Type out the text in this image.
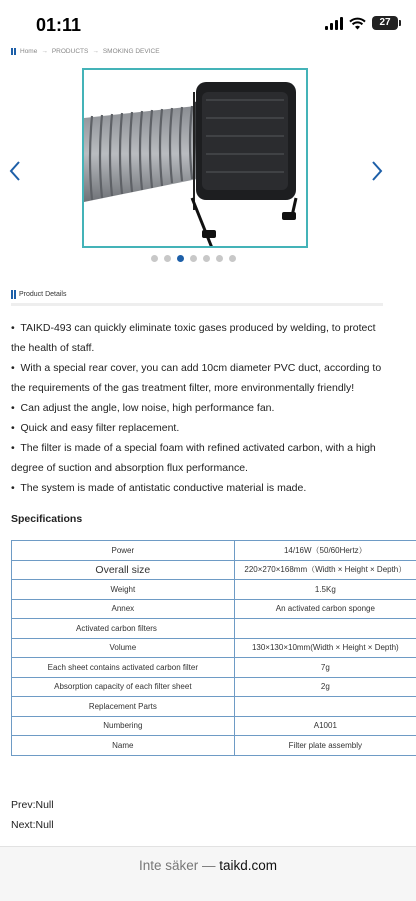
01:11	27
Home → PRODUCTS → SMOKING DEVICE
Product Details

•  TAIKD-493 can quickly eliminate toxic gases produced by welding, to protect the health of staff.

•  With a special rear cover, you can add 10cm diameter PVC duct, according to the requirements of the gas treatment filter, more environmentally friendly!

•  Can adjust the angle, low noise, high performance fan.

•  Quick and easy filter replacement.

•  The filter is made of a special foam with refined activated carbon, with a high degree of suction and absorption flux performance.

•  The system is made of antistatic conductive material is made.

Specifications
Power	14/16W（50/60Hertz）
Overall size	220×270×168mm（Width × Height × Depth）
Weight	1.5Kg
Annex	An activated carbon sponge
Activated carbon filters	
Volume	130×130×10mm(Width × Height × Depth)
Each sheet contains activated carbon filter	7g
Absorption capacity of each filter sheet	2g
Replacement Parts	
Numbering	A1001
Name	Filter plate assembly
Prev:Null
Next:Null
Inte säker — taikd.com
